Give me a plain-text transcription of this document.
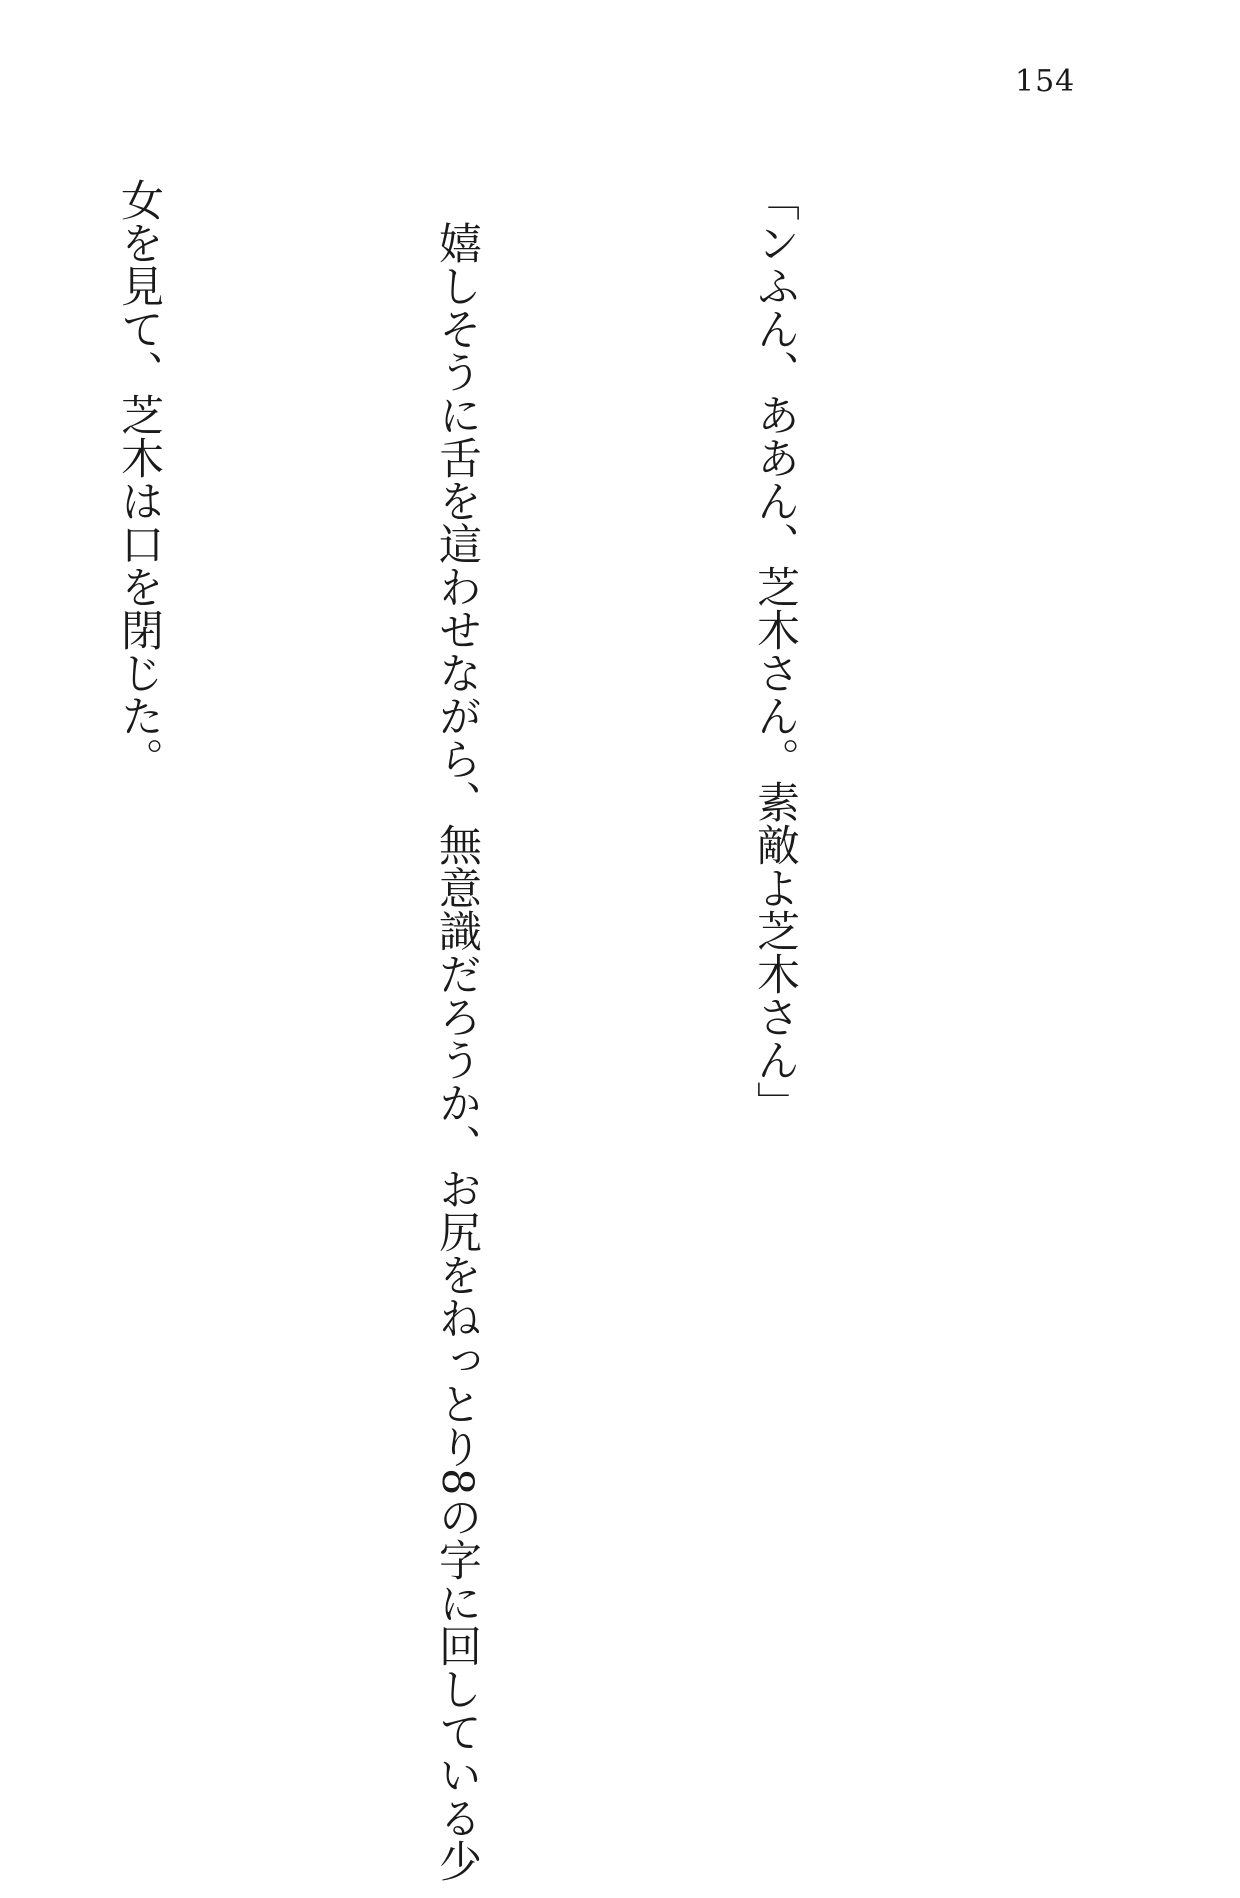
154

「ンふん、ああん、芝木さん。素敵よ芝木さん」

　嬉しそうに舌を這わせながら、無意識だろうか、お尻をねっとり8の字に回している少

女を見て、芝木は口を閉じた。
